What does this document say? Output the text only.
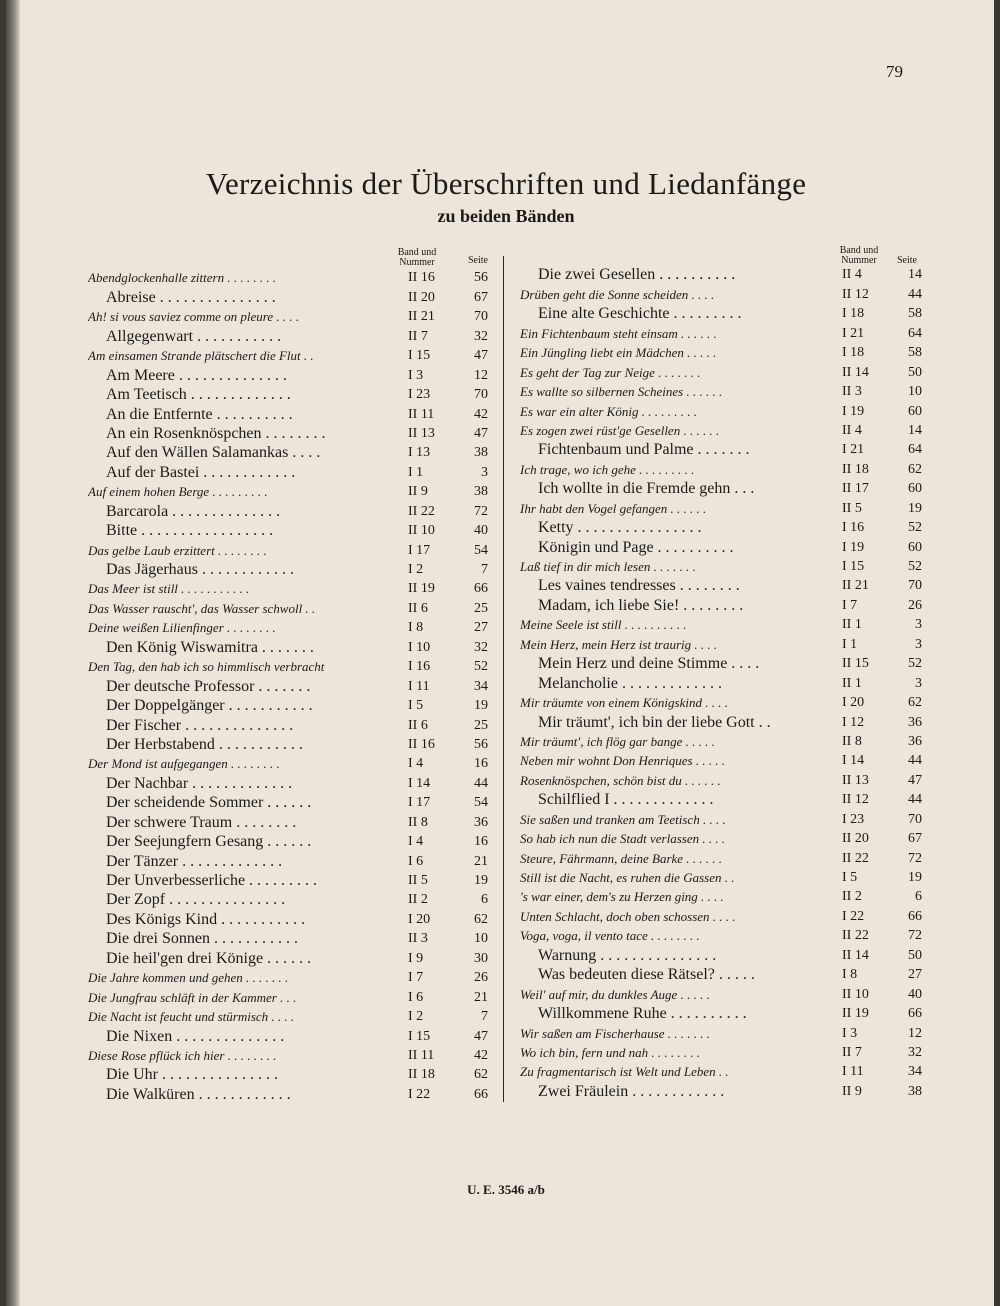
79
Verzeichnis der Überschriften und Liedanfänge
zu beiden Bänden
Band und Nummer	Seite
Band und Nummer	Seite
Abendglockenhalle zittern . . . . . . . .	II 16	56
Abreise . . . . . . . . . . . . . . .	II 20	67
Ah! si vous saviez comme on pleure . . . .	II 21	70
Allgegenwart . . . . . . . . . . .	II 7	32
Am einsamen Strande plätschert die Flut . .	I 15	47
Am Meere . . . . . . . . . . . . . .	I 3	12
Am Teetisch . . . . . . . . . . . . .	I 23	70
An die Entfernte . . . . . . . . . .	II 11	42
An ein Rosenknöspchen . . . . . . . .	II 13	47
Auf den Wällen Salamankas . . . .	I 13	38
Auf der Bastei . . . . . . . . . . . .	I 1	3
Auf einem hohen Berge . . . . . . . . .	II 9	38
Barcarola . . . . . . . . . . . . . .	II 22	72
Bitte . . . . . . . . . . . . . . . . .	II 10	40
Das gelbe Laub erzittert . . . . . . . .	I 17	54
Das Jägerhaus . . . . . . . . . . . .	I 2	7
Das Meer ist still . . . . . . . . . . .	II 19	66
Das Wasser rauscht', das Wasser schwoll . .	II 6	25
Deine weißen Lilienfinger . . . . . . . .	I 8	27
Den König Wiswamitra . . . . . . .	I 10	32
Den Tag, den hab ich so himmlisch verbracht	I 16	52
Der deutsche Professor . . . . . . .	I 11	34
Der Doppelgänger . . . . . . . . . . .	I 5	19
Der Fischer . . . . . . . . . . . . . .	II 6	25
Der Herbstabend . . . . . . . . . . .	II 16	56
Der Mond ist aufgegangen . . . . . . . .	I 4	16
Der Nachbar . . . . . . . . . . . . .	I 14	44
Der scheidende Sommer . . . . . .	I 17	54
Der schwere Traum . . . . . . . .	II 8	36
Der Seejungfern Gesang . . . . . .	I 4	16
Der Tänzer . . . . . . . . . . . . .	I 6	21
Der Unverbesserliche . . . . . . . . .	II 5	19
Der Zopf . . . . . . . . . . . . . . .	II 2	6
Des Königs Kind . . . . . . . . . . .	I 20	62
Die drei Sonnen . . . . . . . . . . .	II 3	10
Die heil'gen drei Könige . . . . . .	I 9	30
Die Jahre kommen und gehen . . . . . . .	I 7	26
Die Jungfrau schläft in der Kammer . . .	I 6	21
Die Nacht ist feucht und stürmisch . . . .	I 2	7
Die Nixen . . . . . . . . . . . . . .	I 15	47
Diese Rose pflück ich hier . . . . . . . .	II 11	42
Die Uhr . . . . . . . . . . . . . . .	II 18	62
Die Walküren . . . . . . . . . . . .	I 22	66
Die zwei Gesellen . . . . . . . . . .	II 4	14
Drüben geht die Sonne scheiden . . . .	II 12	44
Eine alte Geschichte . . . . . . . . .	I 18	58
Ein Fichtenbaum steht einsam . . . . . .	I 21	64
Ein Jüngling liebt ein Mädchen . . . . .	I 18	58
Es geht der Tag zur Neige . . . . . . .	II 14	50
Es wallte so silbernen Scheines . . . . . .	II 3	10
Es war ein alter König . . . . . . . . .	I 19	60
Es zogen zwei rüst'ge Gesellen . . . . . .	II 4	14
Fichtenbaum und Palme . . . . . . .	I 21	64
Ich trage, wo ich gehe . . . . . . . . .	II 18	62
Ich wollte in die Fremde gehn . . .	II 17	60
Ihr habt den Vogel gefangen . . . . . .	II 5	19
Ketty . . . . . . . . . . . . . . . .	I 16	52
Königin und Page . . . . . . . . . .	I 19	60
Laß tief in dir mich lesen . . . . . . .	I 15	52
Les vaines tendresses . . . . . . . .	II 21	70
Madam, ich liebe Sie! . . . . . . . .	I 7	26
Meine Seele ist still . . . . . . . . . .	II 1	3
Mein Herz, mein Herz ist traurig . . . .	I 1	3
Mein Herz und deine Stimme . . . .	II 15	52
Melancholie . . . . . . . . . . . . .	II 1	3
Mir träumte von einem Königskind . . . .	I 20	62
Mir träumt', ich bin der liebe Gott . .	I 12	36
Mir träumt', ich flög gar bange . . . . .	II 8	36
Neben mir wohnt Don Henriques . . . . .	I 14	44
Rosenknöspchen, schön bist du . . . . . .	II 13	47
Schilflied I . . . . . . . . . . . . .	II 12	44
Sie saßen und tranken am Teetisch . . . .	I 23	70
So hab ich nun die Stadt verlassen . . . .	II 20	67
Steure, Fährmann, deine Barke . . . . . .	II 22	72
Still ist die Nacht, es ruhen die Gassen . .	I 5	19
's war einer, dem's zu Herzen ging . . . .	II 2	6
Unten Schlacht, doch oben schossen . . . .	I 22	66
Voga, voga, il vento tace . . . . . . . .	II 22	72
Warnung . . . . . . . . . . . . . . .	II 14	50
Was bedeuten diese Rätsel? . . . . .	I 8	27
Weil' auf mir, du dunkles Auge . . . . .	II 10	40
Willkommene Ruhe . . . . . . . . . .	II 19	66
Wir saßen am Fischerhause . . . . . . .	I 3	12
Wo ich bin, fern und nah . . . . . . . .	II 7	32
Zu fragmentarisch ist Welt und Leben . .	I 11	34
Zwei Fräulein . . . . . . . . . . . .	II 9	38
U. E. 3546 a/b
